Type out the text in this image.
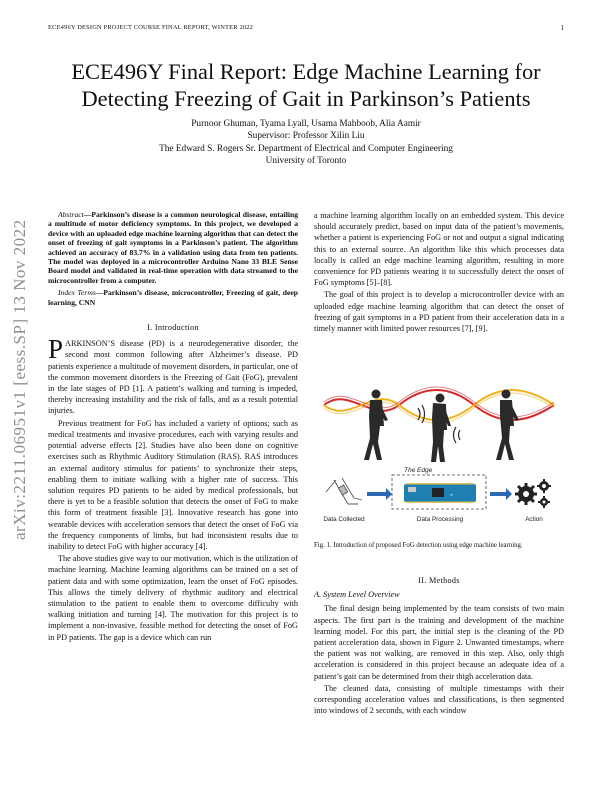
ECE496Y DESIGN PROJECT COURSE FINAL REPORT, WINTER 2022	1
ECE496Y Final Report: Edge Machine Learning for
Detecting Freezing of Gait in Parkinson’s Patients
Purnoor Ghuman, Tyama Lyall, Usama Mahboob, Alia Aamir
Supervisor: Professor Xilin Liu
The Edward S. Rogers Sr. Department of Electrical and Computer Engineering
University of Toronto
arXiv:2211.06951v1 [eess.SP] 13 Nov 2022

Abstract—Parkinson’s disease is a common neurological disease, entailing a multitude of motor deficiency symptoms. In this project, we developed a device with an uploaded edge machine learning algorithm that can detect the onset of freezing of gait symptoms in a Parkinson’s patient. The algorithm achieved an accuracy of 83.7% in a validation using data from ten patients. The model was deployed in a microcontroller Arduino Nano 33 BLE Sense Board model and validated in real-time operation with data streamed to the microcontroller from a computer.

Index Terms—Parkinson’s disease, microcontroller, Freezing of gait, deep learning, CNN

I. Introduction

PARKINSON’S disease (PD) is a neurodegenerative disorder, the second most common following after Alzheimer’s disease. PD patients experience a multitude of movement disorders, in particular, one of the common movement disorders is the Freezing of Gait (FoG), prevalent in the late stages of PD [1]. A patient’s walking and turning is impeded, thereby increasing instability and the risk of falls, and as a result potential injuries.

Previous treatment for FoG has included a variety of options; such as medical treatments and invasive procedures, each with varying results and potential adverse effects [2]. Studies have also been done on cognitive exercises such as Rhythmic Auditory Stimulation (RAS). RAS introduces an external auditory stimulus for patients’ to synchronize their steps, enabling them to initiate walking with a higher rate of success. This solution requires PD patients to be aided by medical professionals, but there is yet to be a feasible solution that detects the onset of FoG to make this form of treatment feasible [3]. Innovative research has gone into wearable devices with acceleration sensors that detect the onset of FoG via the frequency components of limbs, but had inconsistent results due to inability to detect FoG with higher accuracy [4].

The above studies give way to our motivation, which is the utilization of machine learning. Machine learning algorithms can be trained on a set of patient data and with some optimization, learn the onset of FoG episodes. This allows the timely delivery of rhythmic auditory and electrical stimulation to the patient to enable them to overcome difficulty with walking initiation and turning [4]. The motivation for this project is to implement a non-invasive, feasible method for detecting the onset of FoG in PD patients. The gap is a device which can run

a machine learning algorithm locally on an embedded system. This device should accurately predict, based on input data of the patient’s movements, whether a patient is experiencing FoG or not and output a signal indicating this to an external source. An algorithm like this which processes data locally is called an edge machine learning algorithm, resulting in more convenience for PD patients wearing it to successfully detect the onset of FoG symptoms [5]–[8].

The goal of this project is to develop a microcontroller device with an uploaded edge machine learning algorithm that can detect the onset of freezing of gait symptoms in a PD patient from their acceleration data in a timely manner with limited power resources [7], [9].

The Edge
∞
Data Collected	Data Processing	Action
Fig. 1. Introduction of proposed FoG detection using edge machine learning.
II. Methods
A. System Level Overview

The final design being implemented by the team consists of two main aspects. The first part is the training and development of the machine learning model. For this part, the initial step is the cleaning of the PD patient acceleration data, shown in Figure 2. Unwanted timestamps, where the patient was not walking, are removed in this step. Also, only thigh acceleration is considered in this project because an adequate idea of a patient’s gait can be determined from their thigh acceleration data.

The cleaned data, consisting of multiple timestamps with their corresponding acceleration values and classifications, is then segmented into windows of 2 seconds, with each window
